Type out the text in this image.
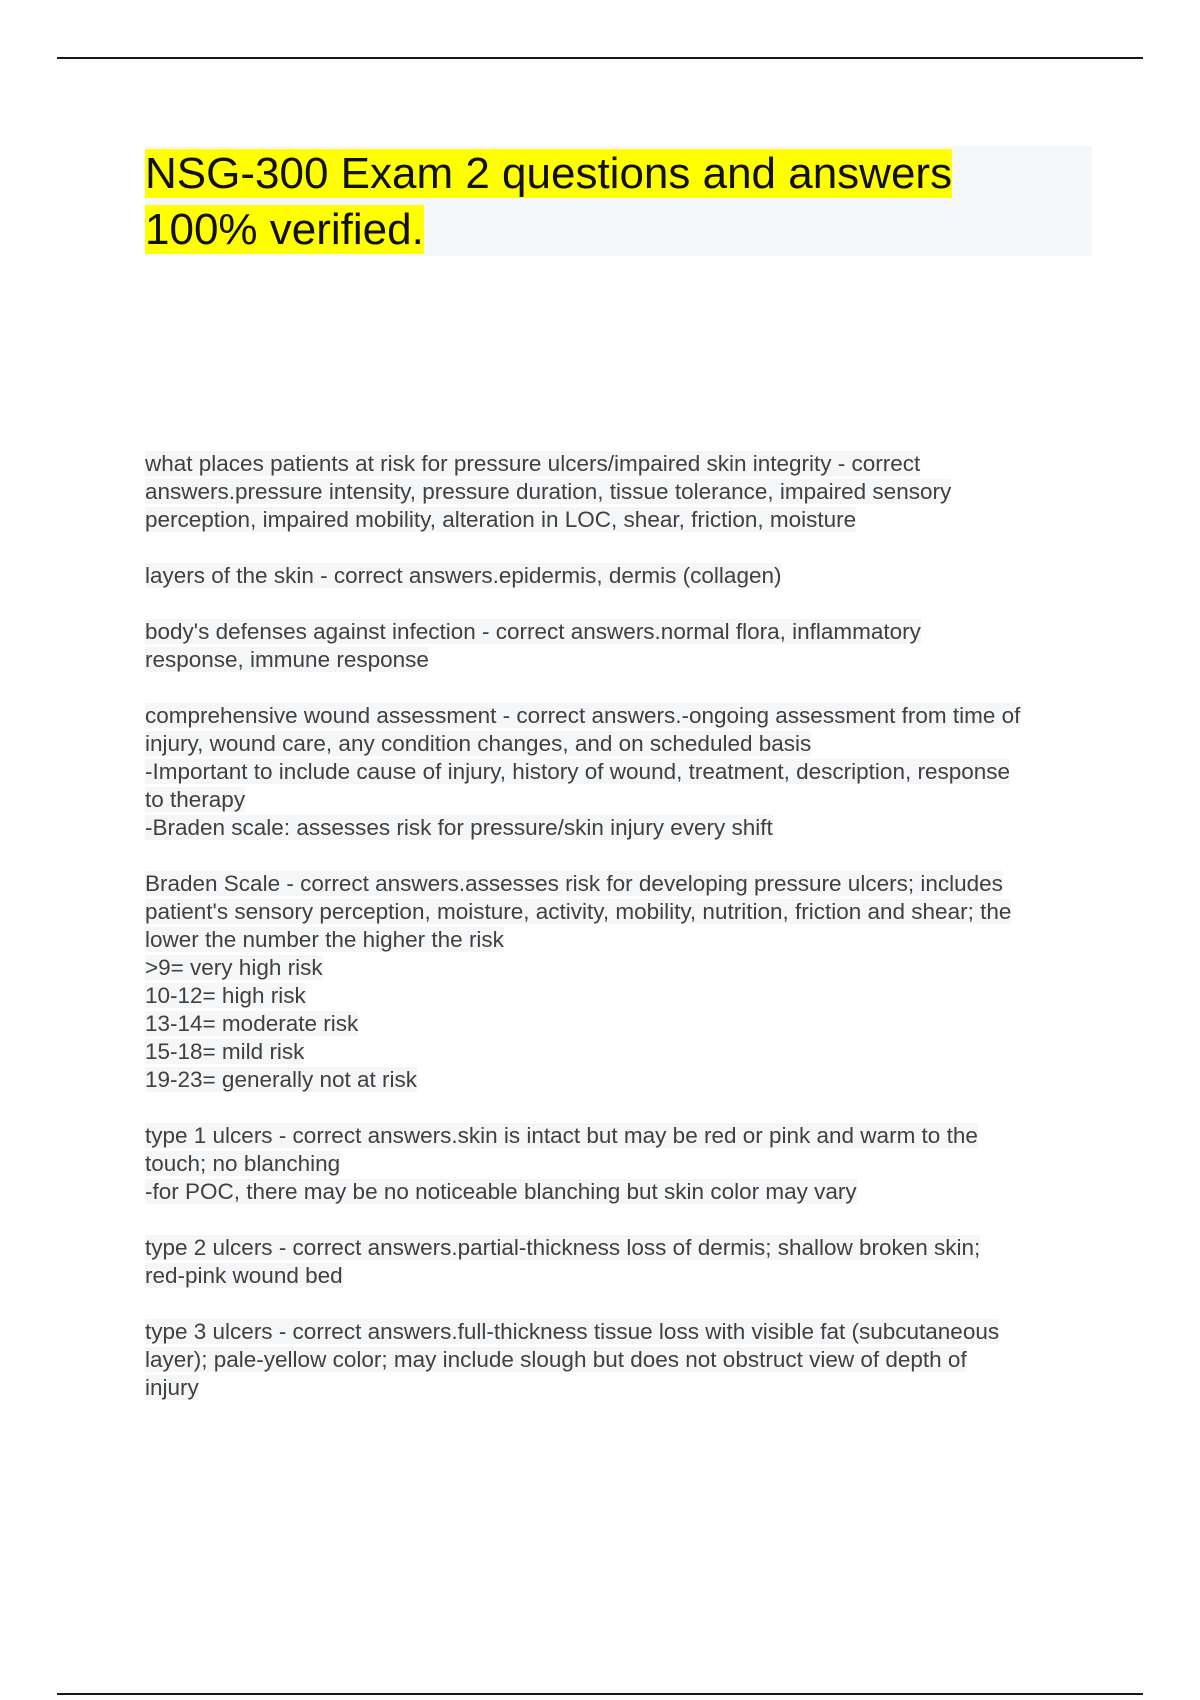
NSG-300 Exam 2 questions and answers
100% verified.
what places patients at risk for pressure ulcers/impaired skin integrity - correct
answers.pressure intensity, pressure duration, tissue tolerance, impaired sensory
perception, impaired mobility, alteration in LOC, shear, friction, moisture
layers of the skin - correct answers.epidermis, dermis (collagen)
body's defenses against infection - correct answers.normal flora, inflammatory
response, immune response
comprehensive wound assessment - correct answers.-ongoing assessment from time of
injury, wound care, any condition changes, and on scheduled basis
-Important to include cause of injury, history of wound, treatment, description, response
to therapy
-Braden scale: assesses risk for pressure/skin injury every shift
Braden Scale - correct answers.assesses risk for developing pressure ulcers; includes
patient's sensory perception, moisture, activity, mobility, nutrition, friction and shear; the
lower the number the higher the risk
>9= very high risk
10-12= high risk
13-14= moderate risk
15-18= mild risk
19-23= generally not at risk
type 1 ulcers - correct answers.skin is intact but may be red or pink and warm to the
touch; no blanching
-for POC, there may be no noticeable blanching but skin color may vary
type 2 ulcers - correct answers.partial-thickness loss of dermis; shallow broken skin;
red-pink wound bed
type 3 ulcers - correct answers.full-thickness tissue loss with visible fat (subcutaneous
layer); pale-yellow color; may include slough but does not obstruct view of depth of
injury
